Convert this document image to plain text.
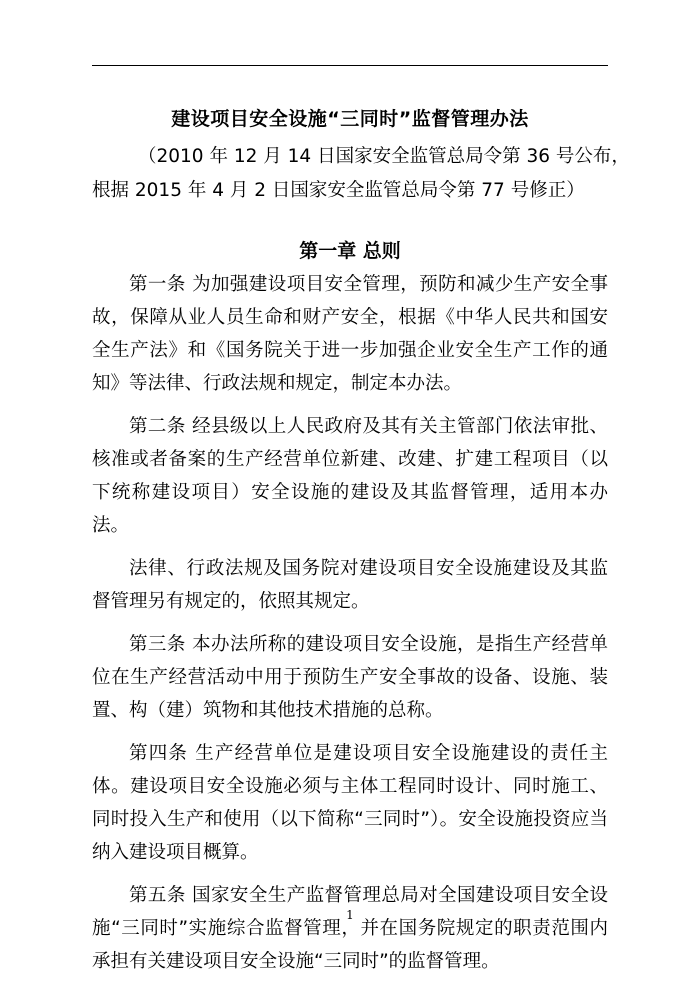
建设项目安全设施“三同时”监督管理办法
（2010 年 12 月 14 日国家安全监管总局令第 36 号公布，
根据 2015 年 4 月 2 日国家安全监管总局令第 77 号修正）
第一章 总则

第一条 为加强建设项目安全管理，预防和减少生产安全事故，保障从业人员生命和财产安全，根据《中华人民共和国安全生产法》和《国务院关于进一步加强企业安全生产工作的通知》等法律、行政法规和规定，制定本办法。

第二条 经县级以上人民政府及其有关主管部门依法审批、核准或者备案的生产经营单位新建、改建、扩建工程项目（以下统称建设项目）安全设施的建设及其监督管理，适用本办法。

法律、行政法规及国务院对建设项目安全设施建设及其监督管理另有规定的，依照其规定。

第三条 本办法所称的建设项目安全设施，是指生产经营单位在生产经营活动中用于预防生产安全事故的设备、设施、装置、构（建）筑物和其他技术措施的总称。

第四条 生产经营单位是建设项目安全设施建设的责任主体。建设项目安全设施必须与主体工程同时设计、同时施工、同时投入生产和使用（以下简称“三同时”）。安全设施投资应当纳入建设项目概算。

第五条 国家安全生产监督管理总局对全国建设项目安全设施“三同时”实施综合监督管理，并在国务院规定的职责范围内承担有关建设项目安全设施“三同时”的监督管理。

1
